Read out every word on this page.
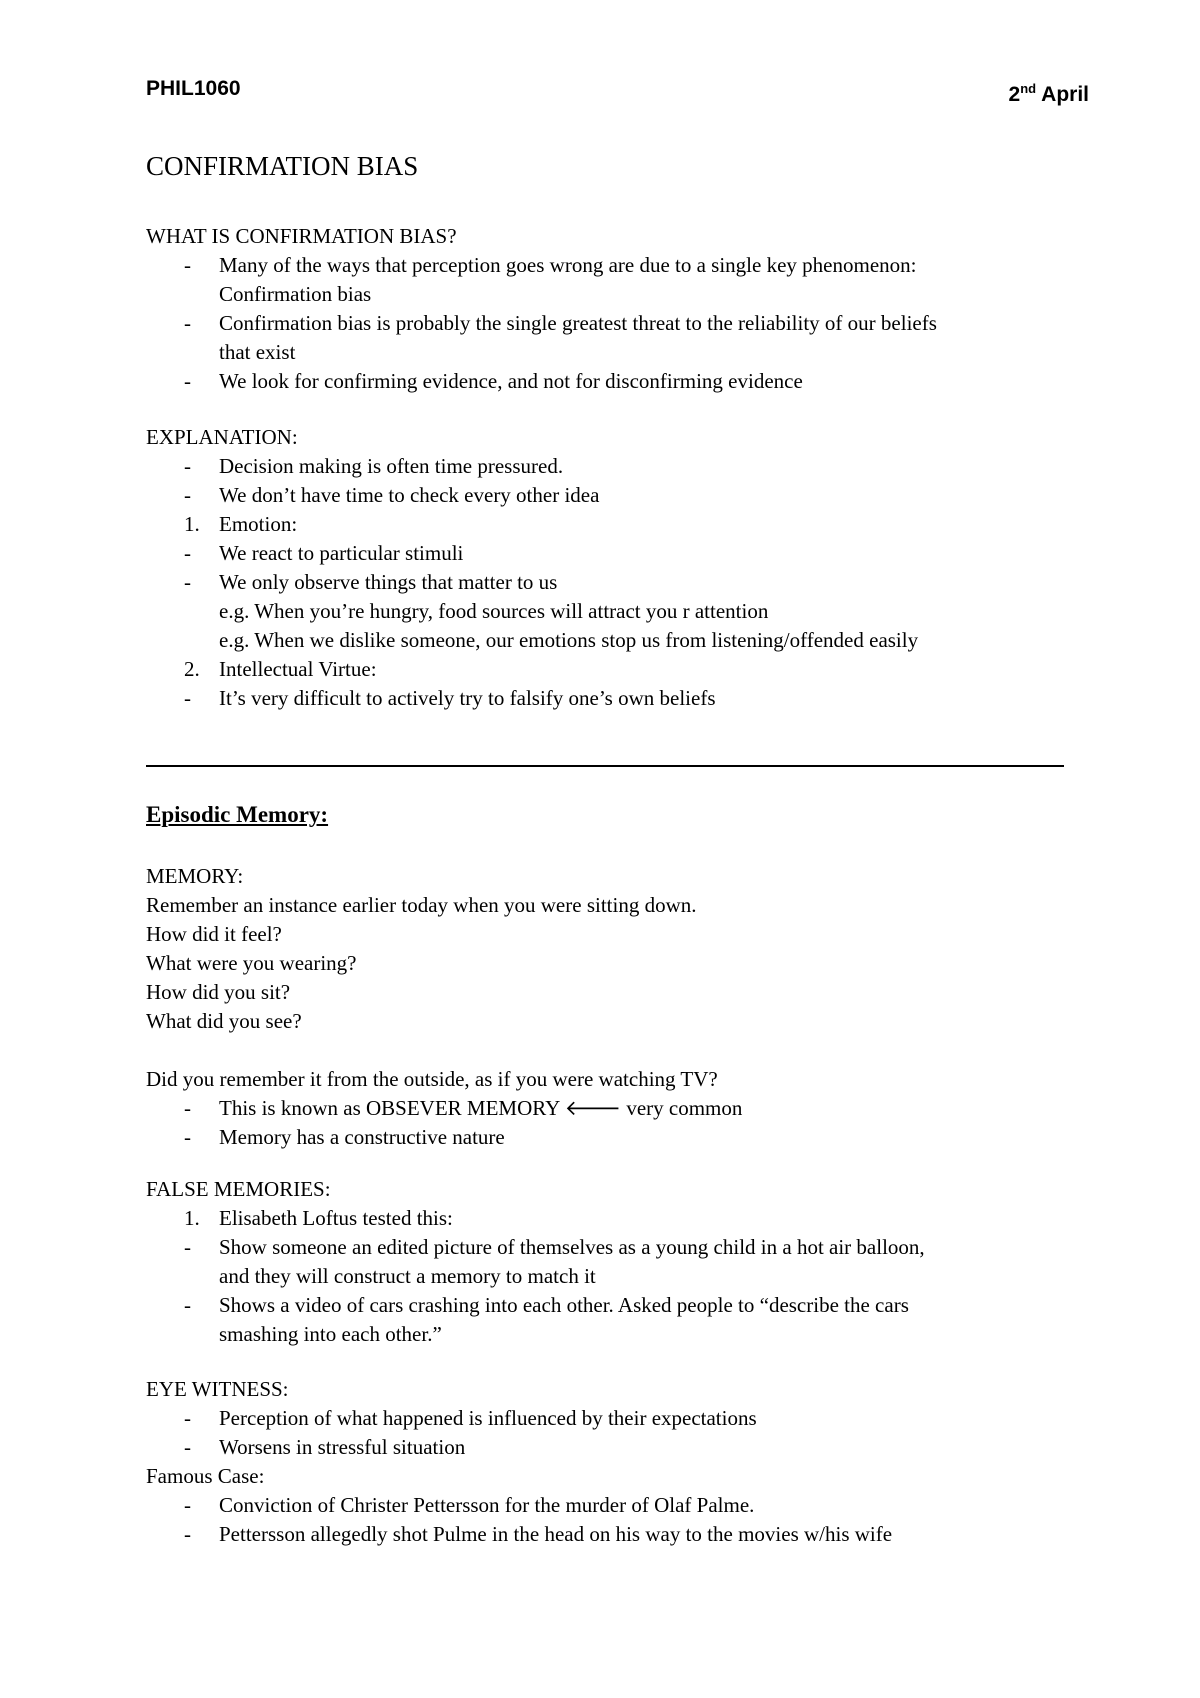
PHIL1060	2nd April
CONFIRMATION BIAS
WHAT IS CONFIRMATION BIAS?
- Many of the ways that perception goes wrong are due to a single key phenomenon:
Confirmation bias
- Confirmation bias is probably the single greatest threat to the reliability of our beliefs
that exist
- We look for confirming evidence, and not for disconfirming evidence
EXPLANATION:
- Decision making is often time pressured.
- We don’t have time to check every other idea
1. Emotion:
- We react to particular stimuli
- We only observe things that matter to us
e.g. When you’re hungry, food sources will attract you r attention
e.g. When we dislike someone, our emotions stop us from listening/offended easily
2. Intellectual Virtue:
- It’s very difficult to actively try to falsify one’s own beliefs
Episodic Memory:
MEMORY:
Remember an instance earlier today when you were sitting down.
How did it feel?
What were you wearing?
How did you sit?
What did you see?
Did you remember it from the outside, as if you were watching TV?
- This is known as OBSEVER MEMORY 🡐 very common
- Memory has a constructive nature
FALSE MEMORIES:
1. Elisabeth Loftus tested this:
- Show someone an edited picture of themselves as a young child in a hot air balloon,
and they will construct a memory to match it
- Shows a video of cars crashing into each other. Asked people to “describe the cars
smashing into each other.”
EYE WITNESS:
- Perception of what happened is influenced by their expectations
- Worsens in stressful situation
Famous Case:
- Conviction of Christer Pettersson for the murder of Olaf Palme.
- Pettersson allegedly shot Pulme in the head on his way to the movies w/his wife
